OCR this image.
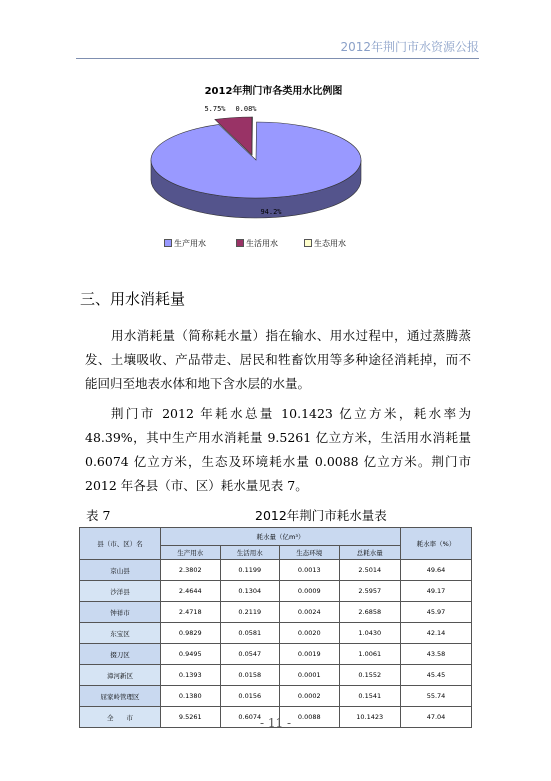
2012年荆门市水资源公报
2012年荆门市各类用水比例图
94.2%
5.75% 0.08%
生产用水	生活用水	生态用水
三、用水消耗量
用水消耗量（简称耗水量）指在输水、用水过程中，通过蒸腾蒸发、土壤吸收、产品带走、居民和牲畜饮用等多种途径消耗掉，而不能回归至地表水体和地下含水层的水量。
荆门市 2012 年耗水总量 10.1423 亿立方米，耗水率为 48.39%，其中生产用水消耗量 9.5261 亿立方米，生活用水消耗量 0.6074 亿立方米，生态及环境耗水量 0.0088 亿立方米。荆门市 2012 年各县（市、区）耗水量见表 7。
表 7	2012年荆门市耗水量表
县（市、区）名	耗水量（亿m³）				耗水率（%）
	生产用水	生活用水	生态环境	总耗水量	
京山县	2.3802	0.1199	0.0013	2.5014	49.64
沙洋县	2.4644	0.1304	0.0009	2.5957	49.17
钟祥市	2.4718	0.2119	0.0024	2.6858	45.97
东宝区	0.9829	0.0581	0.0020	1.0430	42.14
掇刀区	0.9495	0.0547	0.0019	1.0061	43.58
漳河新区	0.1393	0.0158	0.0001	0.1552	45.45
屈家岭管理区	0.1380	0.0156	0.0002	0.1541	55.74
全　　市	9.5261	0.6074	0.0088	10.1423	47.04
- 11 -
